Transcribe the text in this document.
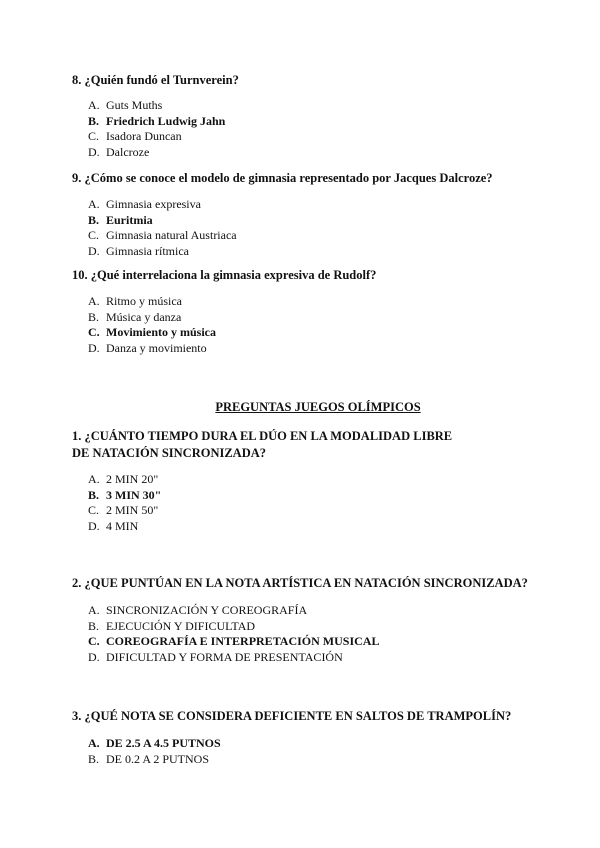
8. ¿Quién fundó el Turnverein?
A. Guts Muths
B. Friedrich Ludwig Jahn
C. Isadora Duncan
D. Dalcroze
9. ¿Cómo se conoce el modelo de gimnasia representado por Jacques Dalcroze?
A. Gimnasia expresiva
B. Euritmia
C. Gimnasia natural Austriaca
D. Gimnasia rítmica
10. ¿Qué interrelaciona la gimnasia expresiva de Rudolf?
A. Ritmo y música
B. Música y danza
C. Movimiento y música
D. Danza y movimiento
PREGUNTAS JUEGOS OLÍMPICOS
1. ¿CUÁNTO TIEMPO DURA EL DÚO EN LA MODALIDAD LIBRE DE NATACIÓN SINCRONIZADA?
A. 2 MIN 20"
B. 3 MIN 30"
C. 2 MIN 50"
D. 4 MIN
2. ¿QUE PUNTÚAN EN LA NOTA ARTÍSTICA EN NATACIÓN SINCRONIZADA?
A. SINCRONIZACIÓN Y COREOGRAFÍA
B. EJECUCIÓN Y DIFICULTAD
C. COREOGRAFÍA E INTERPRETACIÓN MUSICAL
D. DIFICULTAD Y FORMA DE PRESENTACIÓN
3. ¿QUÉ NOTA SE CONSIDERA DEFICIENTE EN SALTOS DE TRAMPOLÍN?
A. DE 2.5 A 4.5 PUTNOS
B. DE 0.2 A 2 PUTNOS
